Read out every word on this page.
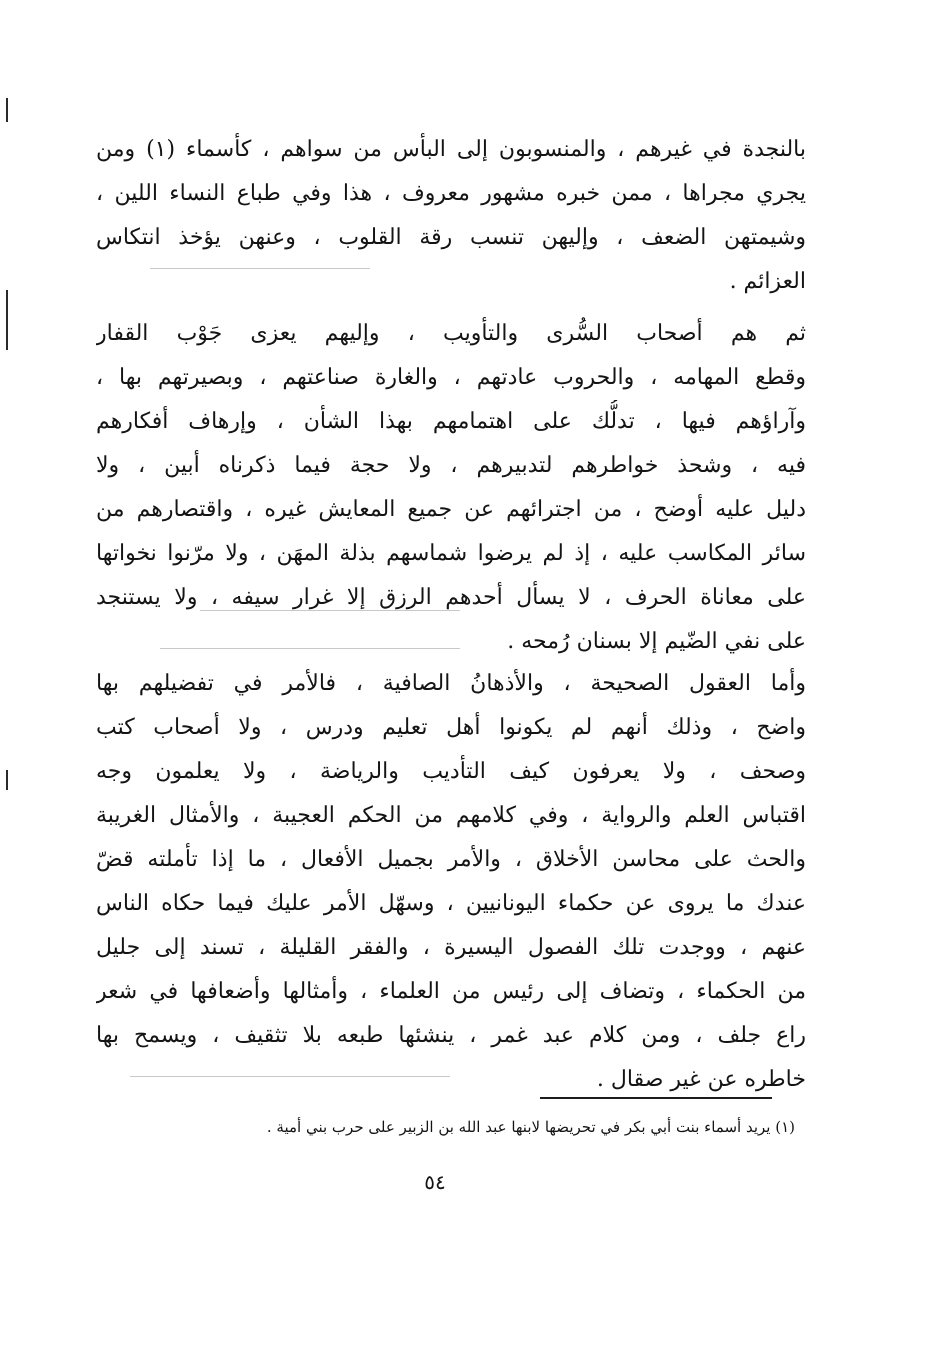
بالنجدة في غيرهم ، والمنسوبون إلى البأس من سواهم ، كأسماء (١) ومن
يجري مجراها ، ممن خبره مشهور معروف ، هذا وفي طباع النساء اللين ،
وشيمتهن الضعف ، وإليهن تنسب رقة القلوب ، وعنهن يؤخذ انتكاس
العزائم .
ثم هم أصحاب السُّرى والتأويب ، وإليهم يعزى جَوْب القفار
وقطع المهامه ، والحروب عادتهم ، والغارة صناعتهم ، وبصيرتهم بها ،
وآراؤهم فيها ، تدلُّك على اهتمامهم بهذا الشأن ، وإرهاف أفكارهم
فيه ، وشحذ خواطرهم لتدبيرهم ، ولا حجة فيما ذكرناه أبين ، ولا
دليل عليه أوضح ، من اجترائهم عن جميع المعايش غيره ، واقتصارهم من
سائر المكاسب عليه ، إذ لم يرضوا شماسهم بذلة المهَن ، ولا مرّنوا نخواتها
على معاناة الحرف ، لا يسأل أحدهم الرزق إلا غرار سيفه ، ولا يستنجد
على نفي الضّيم إلا بسنان رُمحه .
وأما العقول الصحيحة ، والأذهانُ الصافية ، فالأمر في تفضيلهم بها
واضح ، وذلك أنهم لم يكونوا أهل تعليم ودرس ، ولا أصحاب كتب
وصحف ، ولا يعرفون كيف التأديب والرياضة ، ولا يعلمون وجه
اقتباس العلم والرواية ، وفي كلامهم من الحكم العجيبة ، والأمثال الغريبة
والحث على محاسن الأخلاق ، والأمر بجميل الأفعال ، ما إذا تأملته قضّ
عندك ما يروى عن حكماء اليونانيين ، وسهّل الأمر عليك فيما حكاه الناس
عنهم ، ووجدت تلك الفصول اليسيرة ، والفقر القليلة ، تسند إلى جليل
من الحكماء ، وتضاف إلى رئيس من العلماء ، وأمثالها وأضعافها في شعر
راع جلف ، ومن كلام عبد غمر ، ينشئها طبعه بلا تثقيف ، ويسمح بها
خاطره عن غير صقال .
(١) يريد أسماء بنت أبي بكر في تحريضها لابنها عبد الله بن الزبير على حرب بني أمية .
٥٤
